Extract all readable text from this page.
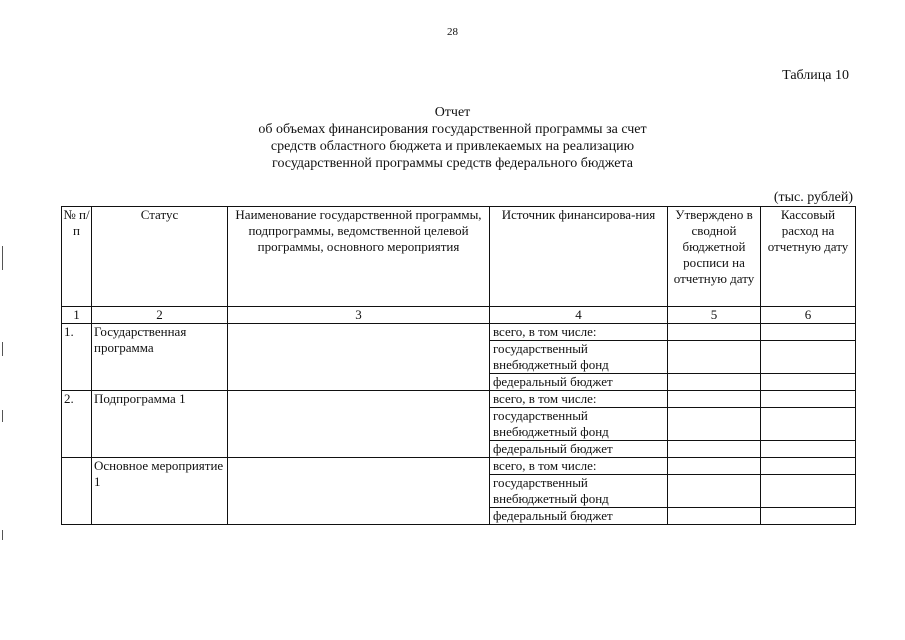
28
Таблица 10
Отчет
об объемах финансирования государственной программы за счет
средств областного бюджета и привлекаемых на реализацию
государственной программы средств федерального бюджета
(тыс. рублей)
№ п/п	Статус	Наименование государственной программы, подпрограммы, ведомственной целевой программы, основного мероприятия	Источник финансирова-ния	Утверждено в сводной бюджетной росписи на отчетную дату	Кассовый расход на отчетную дату
1	2	3	4	5	6
1.	Государственная программа		всего, в том числе:		
			государственный внебюджетный фонд		
			федеральный бюджет		
2.	Подпрограмма 1		всего, в том числе:		
			государственный внебюджетный фонд		
			федеральный бюджет		
	Основное мероприятие 1		всего, в том числе:		
			государственный внебюджетный фонд		
			федеральный бюджет		
